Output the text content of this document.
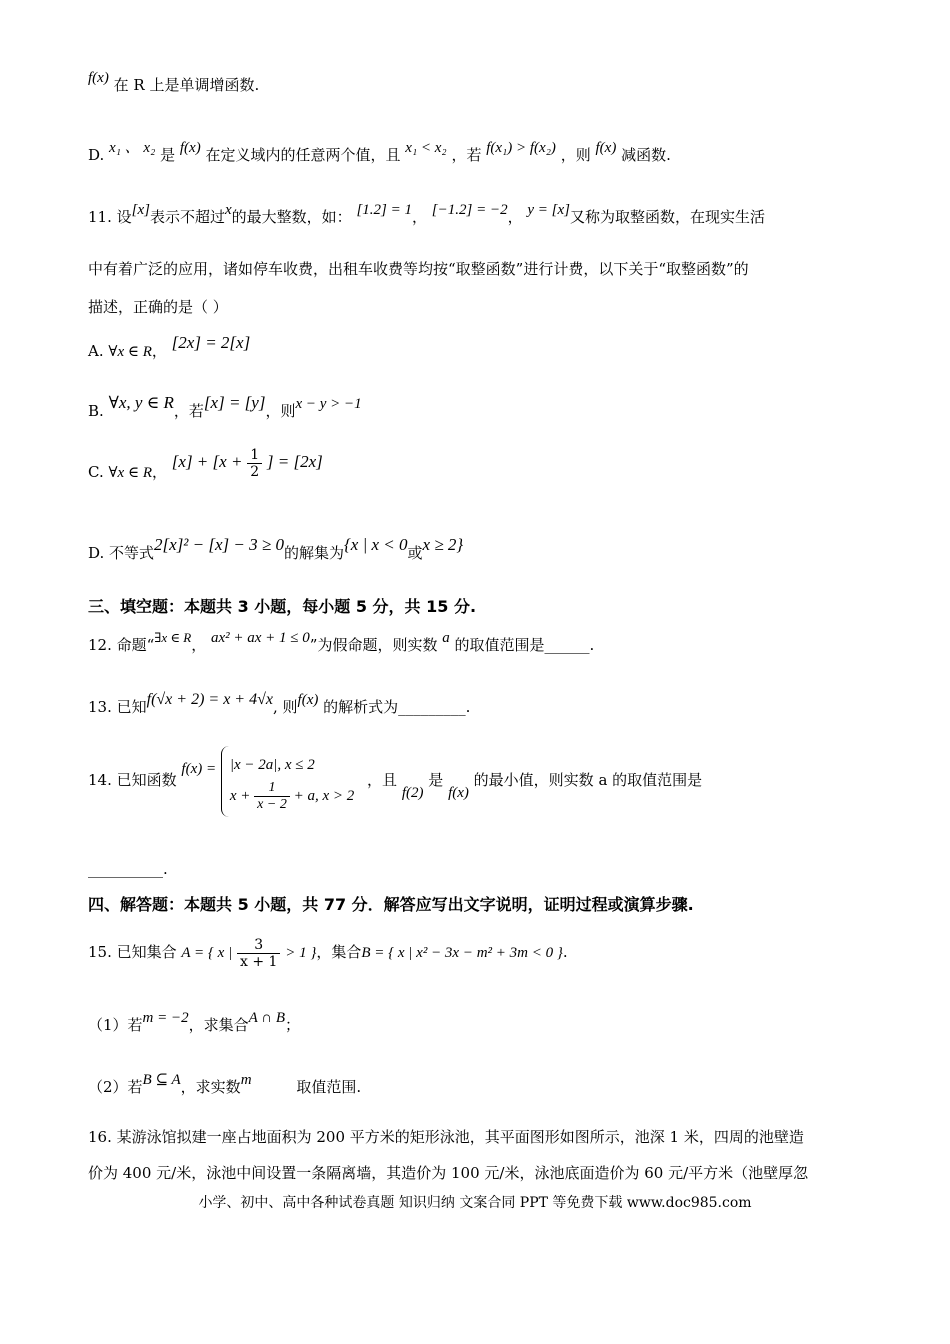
f(x) 在 R 上是单调增函数.
D. x₁ 、 x₂ 是 f(x) 在定义域内的任意两个值，且 x₁ < x₂ ，若 f(x₁) > f(x₂) ，则 f(x) 减函数.
11. 设[x]表示不超过x的最大整数，如： [1.2] = 1， [−1.2] = −2， y = [x]又称为取整函数，在现实生活
中有着广泛的应用，诸如停车收费，出租车收费等均按“取整函数”进行计费，以下关于“取整函数”的
描述，正确的是（ ）
A. ∀x ∈ R， [2x] = 2[x]
B. ∀x, y ∈ R，若[x] = [y]，则x − y > −1
C. ∀x ∈ R， $[x] + [x + \frac{1}{2}$ ] = [2x]
D. 不等式2[x]² − [x] − 3 ≥ 0的解集为{x | x < 0或x ≥ 2}
三、填空题：本题共 3 小题，每小题 5 分，共 15 分.
12. 命题“∃x ∈ R， ax² + ax + 1 ≤ 0”为假命题，则实数 a 的取值范围是______.
13. 已知f(√x + 2) = x + 4√x, 则f(x) 的解析式为_________.
14. 已知函数 f(x) = |x − 2a|, x ≤ 2
$x + \frac{1}{x - 2} + a$, x > 2
，且 f(2) 是 f(x) 的最小值，则实数 a 的取值范围是
__________.
四、解答题：本题共 5 小题，共 77 分．解答应写出文字说明，证明过程或演算步骤.
15. 已知集合 A = { x | $\frac{3}{x + 1} > 1$ }，集合B = { x | x² − 3x − m² + 3m < 0 }.
（1）若m = −2，求集合A ∩ B；
（2）若B ⊆ A，求实数m	取值范围.
16. 某游泳馆拟建一座占地面积为 200 平方米的矩形泳池，其平面图形如图所示，池深 1 米，四周的池壁造
价为 400 元/米，泳池中间设置一条隔离墙，其造价为 100 元/米，泳池底面造价为 60 元/平方米（池壁厚忽
小学、初中、高中各种试卷真题 知识归纳 文案合同 PPT 等免费下载 www.doc985.com
